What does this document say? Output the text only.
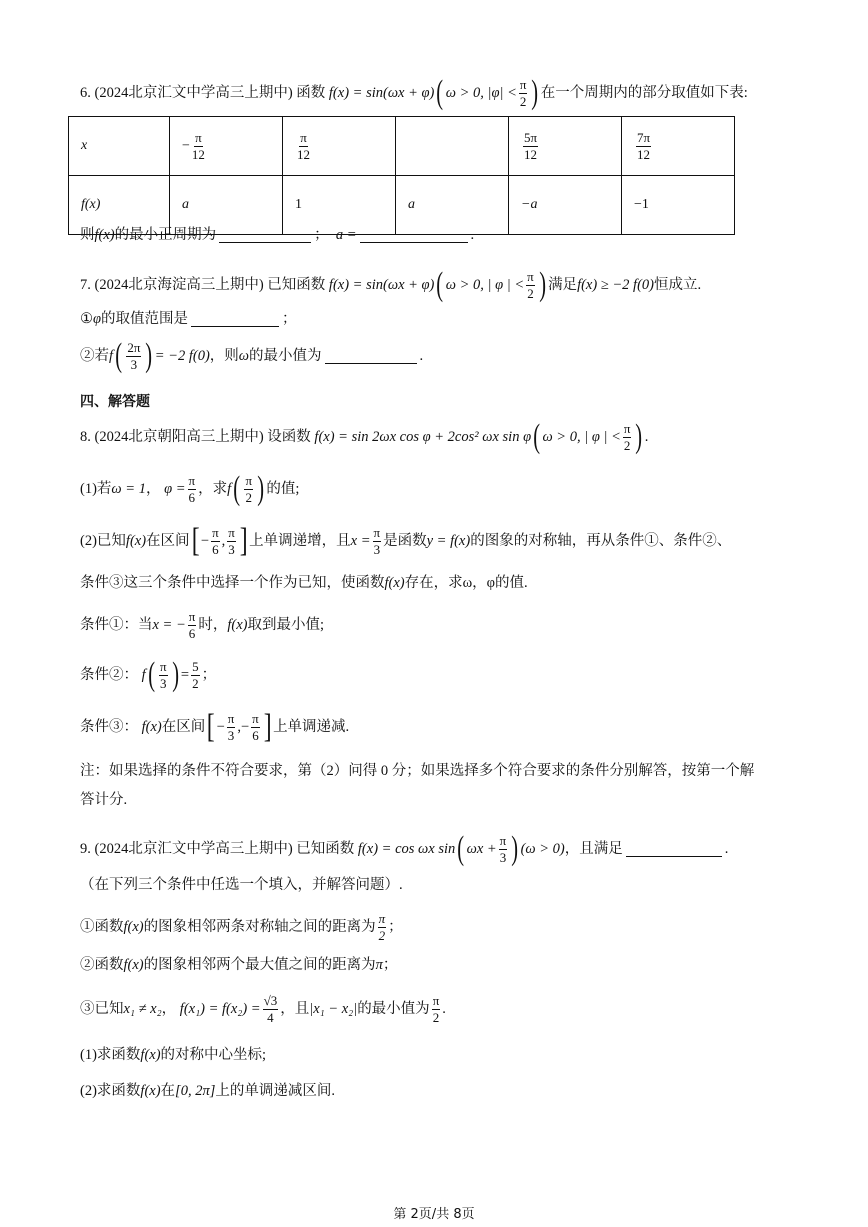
6.
(2024北京汇文中学高三上期中)
函数
f(x) = sin(ωx + φ) ( ω > 0, $|\varphi| < \frac{\pi}{2}$ ) 在一个周期内的部分取值如下表:
x	− $\frac{\pi}{12}$	$\frac{\pi}{12}$		$\frac{5\pi}{12}$	$\frac{7\pi}{12}$

f(x)	a	1	a	−a	−1
则 f(x) 的最小正周期为	；
a =	.
7.
(2024北京海淀高三上期中)
已知函数
f(x) = sin(ωx + φ) ( ω > 0, | φ | < $\frac{\pi}{2}$ ) 满足 f(x) ≥ −2 f(0) 恒成立.
① φ 的取值范围是	；
②若 f ( $\frac{2\pi}{3}$ ) = −2 f(0) ，则 ω 的最小值为	.
四、解答题
8.
(2024北京朝阳高三上期中)
设函数
f(x) = sin 2ωx cos φ + 2cos² ωx sin φ ( ω > 0, | φ | < $\frac{\pi}{2}$ ) .
(1)若 ω = 1 ，
$\varphi = \frac{\pi}{6}$ ，求 f ( $\frac{\pi}{2}$ ) 的值;
(2)已知 f(x) 在区间 [ − $\frac{\pi}{6}$ , $\frac{\pi}{3}$ ] 上单调递增，且 $x = \frac{\pi}{3}$ 是函数 y = f(x) 的图象的对称轴，再从条件①、条件②、
条件③这三个条件中选择一个作为已知，使函数 f(x) 存在，求ω，φ的值.
条件①：当 x = − $\frac{\pi}{6}$ 时， f(x) 取到最小值;
条件②：
f ( $\frac{\pi}{3}$ ) = $\frac{5}{2}$ ；
条件③：
f(x) 在区间 [ − $\frac{\pi}{3}$ , − $\frac{\pi}{6}$ ] 上单调递减.
注：如果选择的条件不符合要求，第（2）问得 0 分；如果选择多个符合要求的条件分别解答，按第一个解
答计分.
9.
(2024北京汇文中学高三上期中)
已知函数
f(x) = cos ωx sin ( $\omega x + \frac{\pi}{3}$ ) (ω > 0) ，且满足	.
（在下列三个条件中任选一个填入，并解答问题）.
①函数 f(x) 的图象相邻两条对称轴之间的距离为 $\frac{\pi}{2}$ ；
②函数 f(x) 的图象相邻两个最大值之间的距离为 π ；
③已知 x₁ ≠ x₂ ，
$f(x_1) = f(x_2) = \frac{√3}{4}$ ，且 |x₁ − x₂| 的最小值为 $\frac{\pi}{2}$ .
(1)求函数 f(x) 的对称中心坐标;
(2)求函数 f(x) 在 [0, 2π] 上的单调递减区间.
第 2页/共 8页
